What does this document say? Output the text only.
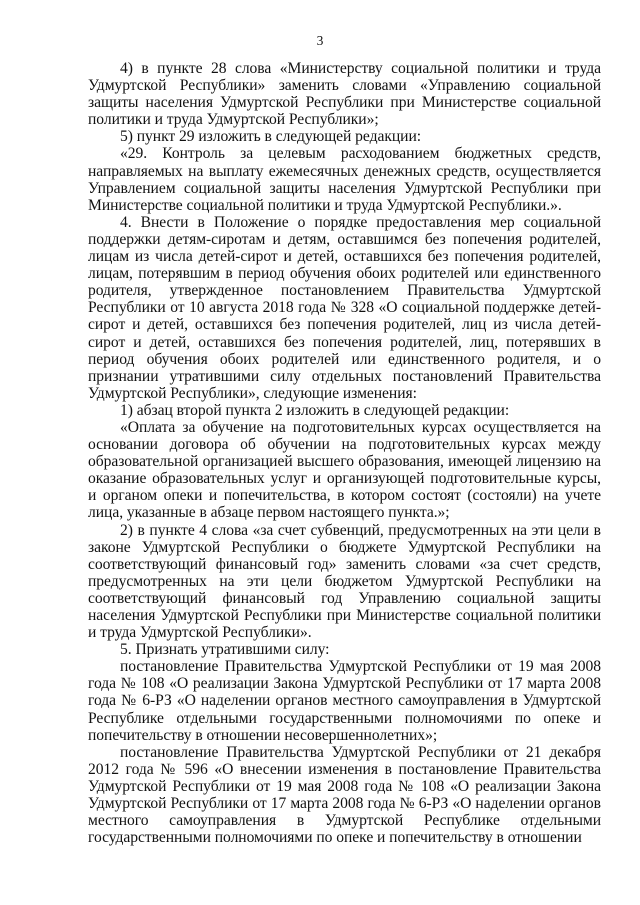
3

4) в пункте 28 слова «Министерству социальной политики и труда Удмуртской Республики» заменить словами «Управлению социальной защиты населения Удмуртской Республики при Министерстве социальной политики и труда Удмуртской Республики»;

5) пункт 29 изложить в следующей редакции:

«29. Контроль за целевым расходованием бюджетных средств, направляемых на выплату ежемесячных денежных средств, осуществляется Управлением социальной защиты населения Удмуртской Республики при Министерстве социальной политики и труда Удмуртской Республики.».

4. Внести в Положение о порядке предоставления мер социальной поддержки детям-сиротам и детям, оставшимся без попечения родителей, лицам из числа детей-сирот и детей, оставшихся без попечения родителей, лицам, потерявшим в период обучения обоих родителей или единственного родителя, утвержденное постановлением Правительства Удмуртской Республики от 10 августа 2018 года № 328 «О социальной поддержке детей-сирот и детей, оставшихся без попечения родителей, лиц из числа детей-сирот и детей, оставшихся без попечения родителей, лиц, потерявших в период обучения обоих родителей или единственного родителя, и о признании утратившими силу отдельных постановлений Правительства Удмуртской Республики», следующие изменения:

1) абзац второй пункта 2 изложить в следующей редакции:

«Оплата за обучение на подготовительных курсах осуществляется на основании договора об обучении на подготовительных курсах между образовательной организацией высшего образования, имеющей лицензию на оказание образовательных услуг и организующей подготовительные курсы, и органом опеки и попечительства, в котором состоят (состояли) на учете лица, указанные в абзаце первом настоящего пункта.»;

2) в пункте 4 слова «за счет субвенций, предусмотренных на эти цели в законе Удмуртской Республики о бюджете Удмуртской Республики на соответствующий финансовый год» заменить словами «за счет средств, предусмотренных на эти цели бюджетом Удмуртской Республики на соответствующий финансовый год Управлению социальной защиты населения Удмуртской Республики при Министерстве социальной политики и труда Удмуртской Республики».

5. Признать утратившими силу:

постановление Правительства Удмуртской Республики от 19 мая 2008 года № 108 «О реализации Закона Удмуртской Республики от 17 марта 2008 года № 6-РЗ «О наделении органов местного самоуправления в Удмуртской Республике отдельными государственными полномочиями по опеке и попечительству в отношении несовершеннолетних»;

постановление Правительства Удмуртской Республики от 21 декабря 2012 года № 596 «О внесении изменения в постановление Правительства Удмуртской Республики от 19 мая 2008 года № 108 «О реализации Закона Удмуртской Республики от 17 марта 2008 года № 6-РЗ «О наделении органов местного самоуправления в Удмуртской Республике отдельными государственными полномочиями по опеке и попечительству в отношении
